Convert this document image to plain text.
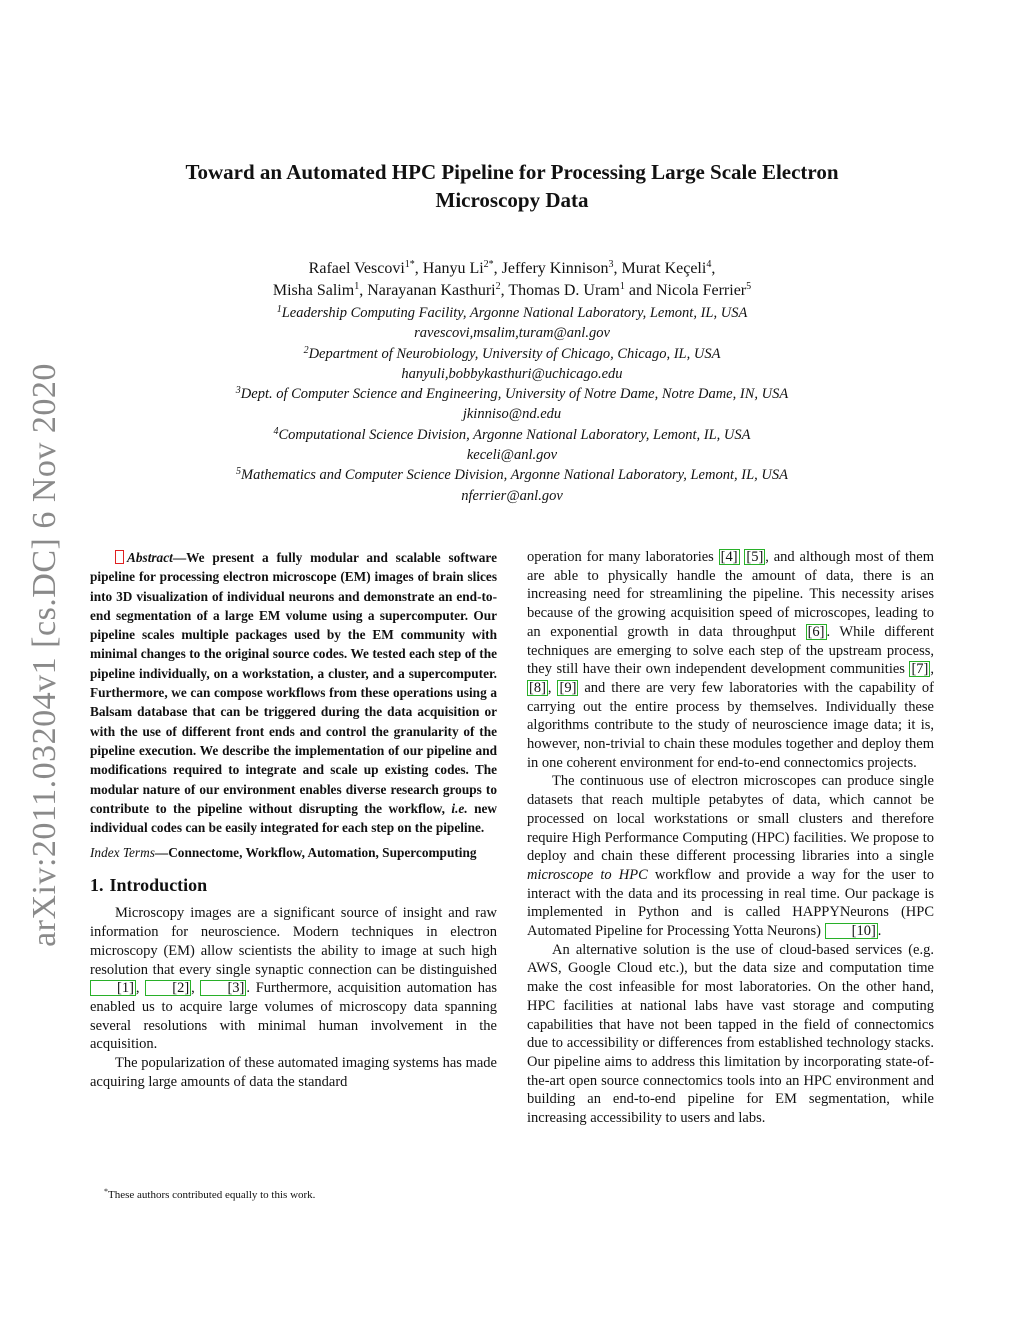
arXiv:2011.03204v1 [cs.DC] 6 Nov 2020
Toward an Automated HPC Pipeline for Processing Large Scale Electron
Microscopy Data
Rafael Vescovi$^{1*}$, Hanyu $Li^{2*}$, Jeffery Kinnison$^3$, Murat Keçeli$^4$,
Misha Salim$^1$, Narayanan Kasthuri$^2$, Thomas D. Uram$^1$ and Nicola Ferrier$^5$
$^1$Leadership Computing Facility, Argonne National Laboratory, Lemont, IL, USA
ravescovi,msalim,turam@anl.gov
$^2$Department of Neurobiology, University of Chicago, Chicago, IL, USA
hanyuli,bobbykasthuri@uchicago.edu
$^3$Dept. of Computer Science and Engineering, University of Notre Dame, Notre Dame, IN, USA
jkinniso@nd.edu
$^4$Computational Science Division, Argonne National Laboratory, Lemont, IL, USA
keceli@anl.gov
$^5$Mathematics and Computer Science Division, Argonne National Laboratory, Lemont, IL, USA
nferrier@anl.gov

Abstract—We present a fully modular and scalable software pipeline for processing electron microscope (EM) images of brain slices into 3D visualization of individual neurons and demonstrate an end-to-end segmentation of a large EM volume using a supercomputer. Our pipeline scales multiple packages used by the EM community with minimal changes to the original source codes. We tested each step of the pipeline individually, on a workstation, a cluster, and a supercomputer. Furthermore, we can compose workflows from these operations using a Balsam database that can be triggered during the data acquisition or with the use of different front ends and control the granularity of the pipeline execution. We describe the implementation of our pipeline and modifications required to integrate and scale up existing codes. The modular nature of our environment enables diverse research groups to contribute to the pipeline without disrupting the workflow, i.e. new individual codes can be easily integrated for each step on the pipeline.

Index Terms—Connectome, Workflow, Automation, Supercomputing

1. Introduction

Microscopy images are a significant source of insight and raw information for neuroscience. Modern techniques in electron microscopy (EM) allow scientists the ability to image at such high resolution that every single synaptic connection can be distinguished [1] , [2] , [3] . Furthermore, acquisition automation has enabled us to acquire large volumes of microscopy data spanning several resolutions with minimal human involvement in the acquisition.

The popularization of these automated imaging systems has made acquiring large amounts of data the standard

operation for many laboratories [4] [5] , and although most of them are able to physically handle the amount of data, there is an increasing need for streamlining the pipeline. This necessity arises because of the growing acquisition speed of microscopes, leading to an exponential growth in data throughput [6] . While different techniques are emerging to solve each step of the upstream process, they still have their own independent development communities [7] , [8] , [9] and there are very few laboratories with the capability of carrying out the entire process by themselves. Individually these algorithms contribute to the study of neuroscience image data; it is, however, non-trivial to chain these modules together and deploy them in one coherent environment for end-to-end connectomics projects.

The continuous use of electron microscopes can produce single datasets that reach multiple petabytes of data, which cannot be processed on local workstations or small clusters and therefore require High Performance Computing (HPC) facilities. We propose to deploy and chain these different processing libraries into a single microscope to HPC workflow and provide a way for the user to interact with the data and its processing in real time. Our package is implemented in Python and is called HAPPYNeurons (HPC Automated Pipeline for Processing Yotta Neurons) [10] .

An alternative solution is the use of cloud-based services (e.g. AWS, Google Cloud etc.), but the data size and computation time make the cost infeasible for most laboratories. On the other hand, HPC facilities at national labs have vast storage and computing capabilities that have not been tapped in the field of connectomics due to accessibility or differences from established technology stacks. Our pipeline aims to address this limitation by incorporating state-of-the-art open source connectomics tools into an HPC environment and building an end-to-end pipeline for EM segmentation, while increasing accessibility to users and labs.

*These authors contributed equally to this work.
